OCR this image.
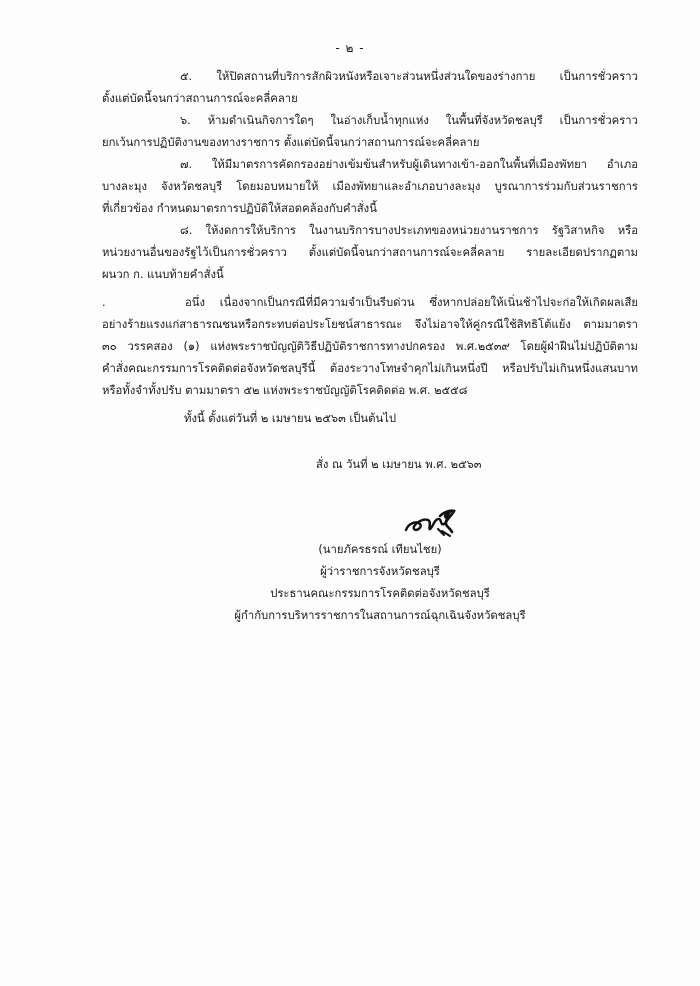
- ๒ -
๕. ให้ปิดสถานที่บริการสักผิวหนังหรือเจาะส่วนหนึ่งส่วนใดของร่างกาย เป็นการชั่วคราว
ตั้งแต่บัดนี้จนกว่าสถานการณ์จะคลี่คลาย
๖. ห้ามดำเนินกิจการใดๆ ในอ่างเก็บน้ำทุกแห่ง ในพื้นที่จังหวัดชลบุรี เป็นการชั่วคราว
ยกเว้นการปฏิบัติงานของทางราชการ ตั้งแต่บัดนี้จนกว่าสถานการณ์จะคลี่คลาย
๗. ให้มีมาตรการคัดกรองอย่างเข้มข้นสำหรับผู้เดินทางเข้า-ออกในพื้นที่เมืองพัทยา อำเภอ
บางละมุง จังหวัดชลบุรี โดยมอบหมายให้ เมืองพัทยาและอำเภอบางละมุง บูรณาการร่วมกับส่วนราชการ
ที่เกี่ยวข้อง กำหนดมาตรการปฏิบัติให้สอดคล้องกับคำสั่งนี้
๘. ให้งดการให้บริการ ในงานบริการบางประเภทของหน่วยงานราชการ รัฐวิสาหกิจ หรือ
หน่วยงานอื่นของรัฐไว้เป็นการชั่วคราว ตั้งแต่บัดนี้จนกว่าสถานการณ์จะคลี่คลาย รายละเอียดปรากฏตาม
ผนวก ก. แนบท้ายคำสั่งนี้
.	อนึ่ง เนื่องจากเป็นกรณีที่มีความจำเป็นรีบด่วน ซึ่งหากปล่อยให้เนิ่นช้าไปจะก่อให้เกิดผลเสีย
อย่างร้ายแรงแก่สาธารณชนหรือกระทบต่อประโยชน์สาธารณะ จึงไม่อาจให้คู่กรณีใช้สิทธิโต้แย้ง ตามมาตรา
๓๐ วรรคสอง (๑) แห่งพระราชบัญญัติวิธีปฏิบัติราชการทางปกครอง พ.ศ.๒๕๓๙ โดยผู้ฝ่าฝืนไม่ปฏิบัติตาม
คำสั่งคณะกรรมการโรคติดต่อจังหวัดชลบุรีนี้ ต้องระวางโทษจำคุกไม่เกินหนึ่งปี หรือปรับไม่เกินหนึ่งแสนบาท
หรือทั้งจำทั้งปรับ ตามมาตรา ๕๒ แห่งพระราชบัญญัติโรคติดต่อ พ.ศ. ๒๕๕๘
ทั้งนี้ ตั้งแต่วันที่ ๒ เมษายน ๒๕๖๓ เป็นต้นไป
สั่ง ณ วันที่ ๒ เมษายน พ.ศ. ๒๕๖๓
(นายภัครธรณ์ เทียนไชย)
ผู้ว่าราชการจังหวัดชลบุรี
ประธานคณะกรรมการโรคติดต่อจังหวัดชลบุรี
ผู้กำกับการบริหารราชการในสถานการณ์ฉุกเฉินจังหวัดชลบุรี
